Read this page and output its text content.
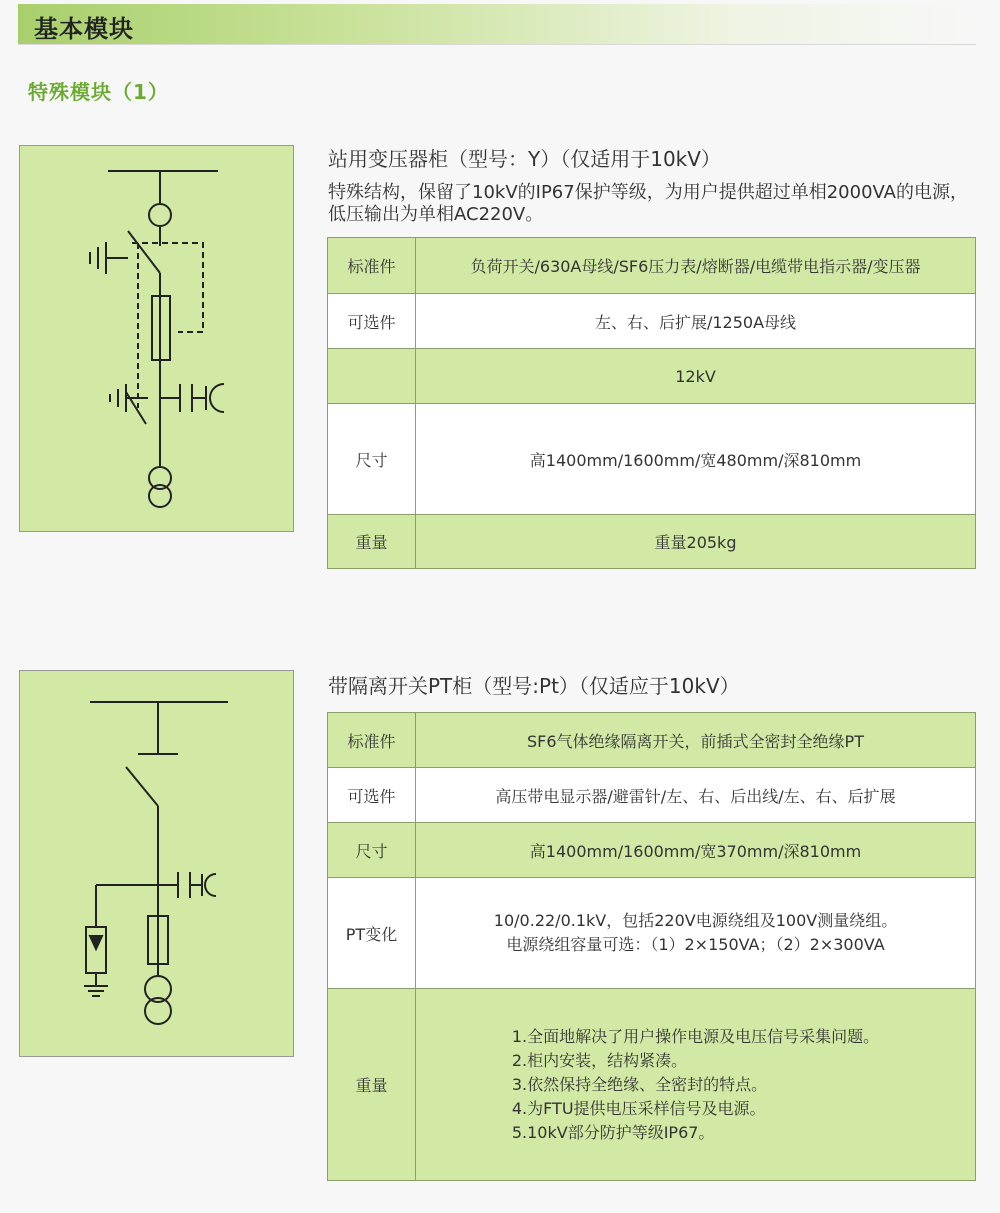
基本模块
特殊模块（1）
站用变压器柜（型号：Y）（仅适用于10kV）
特殊结构，保留了10kV的IP67保护等级，为用户提供超过单相2000VA的电源，低压输出为单相AC220V。
标准件	负荷开关/630A母线/SF6压力表/熔断器/电缆带电指示器/变压器
可选件	左、右、后扩展/1250A母线
	12kV
尺寸	高1400mm/1600mm/宽480mm/深810mm
重量	重量205kg
带隔离开关PT柜（型号:Pt）（仅适应于10kV）
标准件	SF6气体绝缘隔离开关，前插式全密封全绝缘PT
可选件	高压带电显示器/避雷针/左、右、后出线/左、右、后扩展
尺寸	高1400mm/1600mm/宽370mm/深810mm
PT变化	10/0.22/0.1kV，包括220V电源绕组及100V测量绕组。
电源绕组容量可选：（1）2×150VA；（2）2×300VA

重量	1.全面地解决了用户操作电源及电压信号采集问题。
2.柜内安装，结构紧凑。
3.依然保持全绝缘、全密封的特点。
4.为FTU提供电压采样信号及电源。
5.10kV部分防护等级IP67。
